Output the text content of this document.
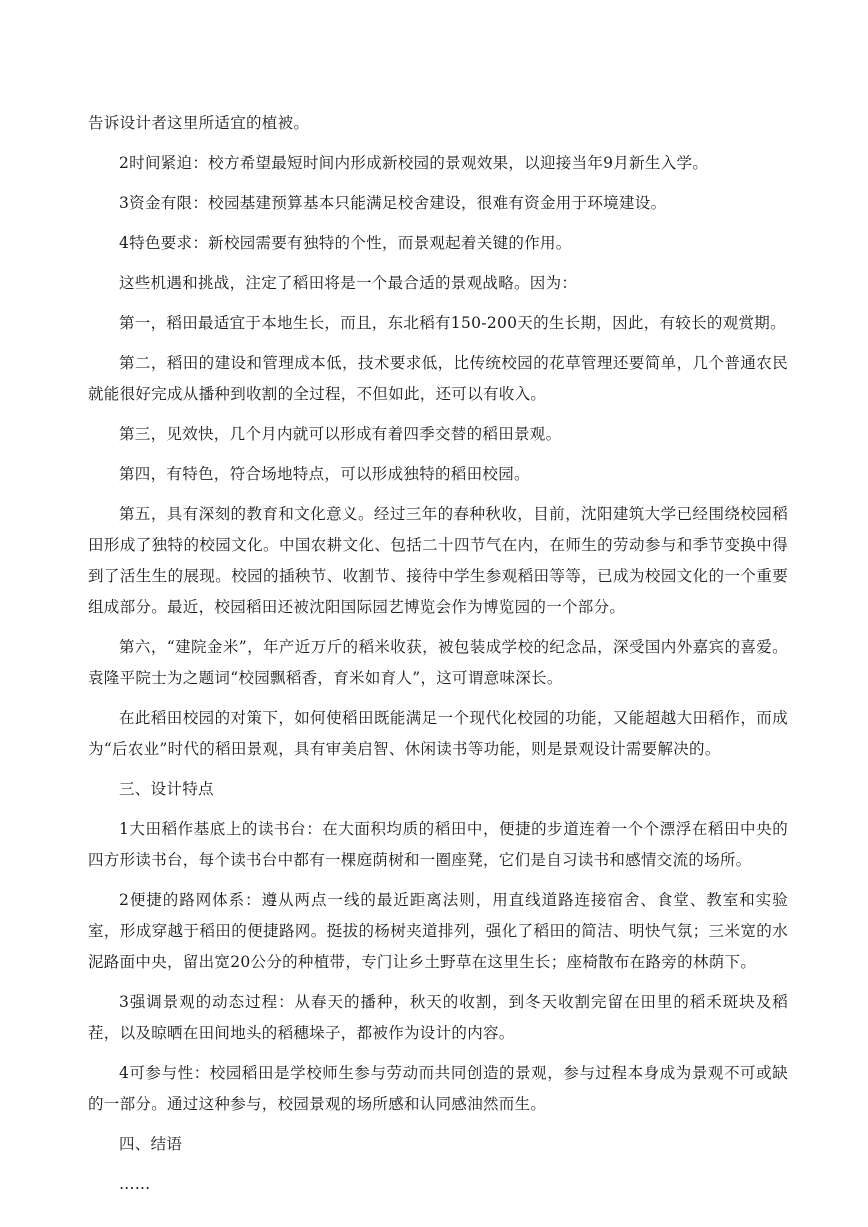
告诉设计者这里所适宜的植被。

2时间紧迫：校方希望最短时间内形成新校园的景观效果，以迎接当年9月新生入学。

3资金有限：校园基建预算基本只能满足校舍建设，很难有资金用于环境建设。

4特色要求：新校园需要有独特的个性，而景观起着关键的作用。

这些机遇和挑战，注定了稻田将是一个最合适的景观战略。因为：

第一，稻田最适宜于本地生长，而且，东北稻有150-200天的生长期，因此，有较长的观赏期。

第二，稻田的建设和管理成本低，技术要求低，比传统校园的花草管理还要简单，几个普通农民就能很好完成从播种到收割的全过程，不但如此，还可以有收入。

第三，见效快，几个月内就可以形成有着四季交替的稻田景观。

第四，有特色，符合场地特点，可以形成独特的稻田校园。

第五，具有深刻的教育和文化意义。经过三年的春种秋收，目前，沈阳建筑大学已经围绕校园稻田形成了独特的校园文化。中国农耕文化、包括二十四节气在内，在师生的劳动参与和季节变换中得到了活生生的展现。校园的插秧节、收割节、接待中学生参观稻田等等，已成为校园文化的一个重要组成部分。最近，校园稻田还被沈阳国际园艺博览会作为博览园的一个部分。

第六，“建院金米”，年产近万斤的稻米收获，被包装成学校的纪念品，深受国内外嘉宾的喜爱。袁隆平院士为之题词“校园飘稻香，育米如育人”，这可谓意味深长。

在此稻田校园的对策下，如何使稻田既能满足一个现代化校园的功能，又能超越大田稻作，而成为“后农业”时代的稻田景观，具有审美启智、休闲读书等功能，则是景观设计需要解决的。

三、设计特点

1大田稻作基底上的读书台：在大面积均质的稻田中，便捷的步道连着一个个漂浮在稻田中央的四方形读书台，每个读书台中都有一棵庭荫树和一圈座凳，它们是自习读书和感情交流的场所。

2便捷的路网体系：遵从两点一线的最近距离法则，用直线道路连接宿舍、食堂、教室和实验室，形成穿越于稻田的便捷路网。挺拔的杨树夹道排列，强化了稻田的简洁、明快气氛；三米宽的水泥路面中央，留出宽20公分的种植带，专门让乡土野草在这里生长；座椅散布在路旁的林荫下。

3强调景观的动态过程：从春天的播种，秋天的收割，到冬天收割完留在田里的稻禾斑块及稻茬，以及晾晒在田间地头的稻穗垛子，都被作为设计的内容。

4可参与性：校园稻田是学校师生参与劳动而共同创造的景观，参与过程本身成为景观不可或缺的一部分。通过这种参与，校园景观的场所感和认同感油然而生。

四、结语

……
